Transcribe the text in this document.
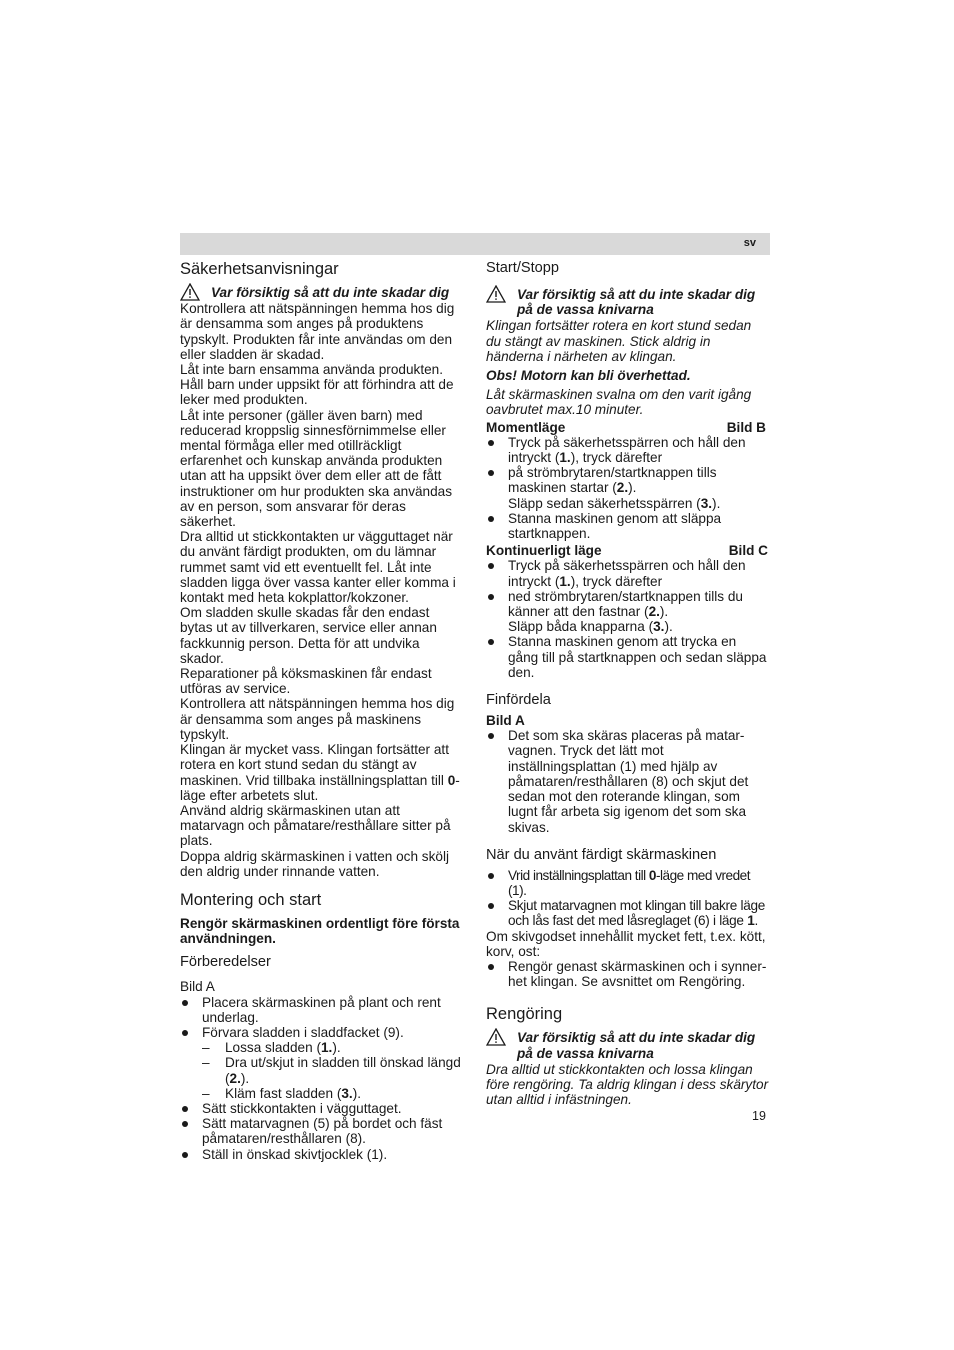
sv
Säkerhetsanvisningar
Var försiktig så att du inte skadar dig

Kontrollera att nätspänningen hemma hos dig är densamma som anges på produktens typskylt. Produkten får inte användas om den eller sladden är skadad.

Låt inte barn ensamma använda produkten. Håll barn under uppsikt för att förhindra att de leker med produkten.

Låt inte personer (gäller även barn) med reducerad kroppslig sinnesförnimmelse eller mental förmåga eller med otillräckligt erfarenhet och kunskap använda produkten utan att ha uppsikt över dem eller att de fått instruktioner om hur produkten ska användas av en person, som ansvarar för deras säkerhet.

Dra alltid ut stickkontakten ur vägguttaget när du använt färdigt produkten, om du lämnar rummet samt vid ett eventuellt fel. Låt inte sladden ligga över vassa kanter eller komma i kontakt med heta kokplattor/kokzoner.

Om sladden skulle skadas får den endast bytas ut av tillverkaren, service eller annan fackkunnig person. Detta för att undvika skador.

Reparationer på köksmaskinen får endast utföras av service.

Kontrollera att nätspänningen hemma hos dig är densamma som anges på maskinens typskylt.

Klingan är mycket vass. Klingan fortsätter att rotera en kort stund sedan du stängt av maskinen. Vrid tillbaka inställningsplattan till 0-läge efter arbetets slut.

Använd aldrig skärmaskinen utan att matarvagn och påmatare/resthållare sitter på plats.

Doppa aldrig skärmaskinen i vatten och skölj den aldrig under rinnande vatten.

Montering och start

Rengör skärmaskinen ordentligt före första användningen.

Förberedelser

Bild A

Placera skärmaskinen på plant och rent underlag.
Förvara sladden i sladdfacket (9).
– Lossa sladden (1.).
– Dra ut/skjut in sladden till önskad längd (2.).
– Kläm fast sladden (3.).
Sätt stickkontakten i vägguttaget.
Sätt matarvagnen (5) på bordet och fäst påmataren/resthållaren (8).
Ställ in önskad skivtjocklek (1).
Start/Stopp
Var försiktig så att du inte skadar dig på de vassa knivarna

Klingan fortsätter rotera en kort stund sedan du stängt av maskinen. Stick aldrig in händerna i närheten av klingan.

Obs! Motorn kan bli överhettad.

Låt skärmaskinen svalna om den varit igång oavbrutet max.10 minuter.

Momentläge	Bild B
Tryck på säkerhetsspärren och håll den intryckt (1.), tryck därefter
på strömbrytaren/startknappen tills maskinen startar (2.).
Släpp sedan säkerhetsspärren (3.).
Stanna maskinen genom att släppa startknappen.
Kontinuerligt läge	Bild C
Tryck på säkerhetsspärren och håll den intryckt (1.), tryck därefter
ned strömbrytaren/startknappen tills du känner att den fastnar (2.).
Släpp båda knapparna (3.).
Stanna maskinen genom att trycka en gång till på startknappen och sedan släppa den.
Finfördela

Bild A

Det som ska skäras placeras på matar-vagnen. Tryck det lätt mot inställningsplattan (1) med hjälp av påmataren/resthållaren (8) och skjut det sedan mot den roterande klingan, som lugnt får arbeta sig igenom det som ska skivas.
När du använt färdigt skärmaskinen
Vrid inställningsplattan till 0-läge med vredet (1).
Skjut matarvagnen mot klingan till bakre läge och lås fast det med låsreglaget (6) i läge 1.

Om skivgodset innehållit mycket fett, t.ex. kött, korv, ost:

Rengör genast skärmaskinen och i synner-het klingan. Se avsnittet om Rengöring.
Rengöring
Var försiktig så att du inte skadar dig på de vassa knivarna

Dra alltid ut stickkontakten och lossa klingan före rengöring. Ta aldrig klingan i dess skärytor utan alltid i infästningen.

19
